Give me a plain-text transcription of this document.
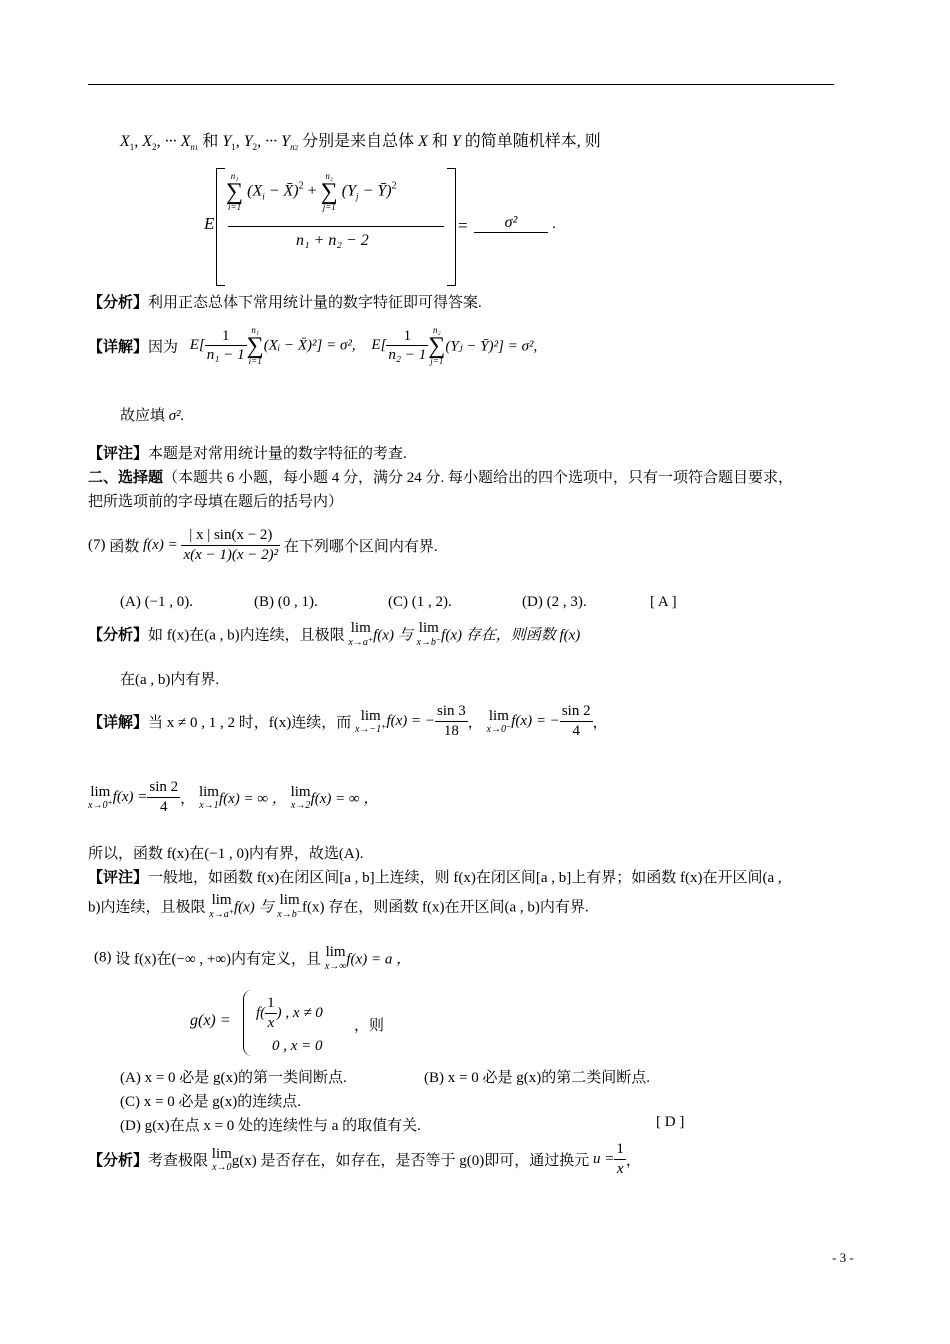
$X_1$, $X_2$, ··· $X_{n1}$ 和 $Y_1$, $Y_2$, ··· $Y_{n2}$ 分别是来自总体 X 和 Y 的简单随机样本, 则
E
n₁
∑
i=1
($X_i$ − X̄)$^2$ +
n₂
∑
j=1
($Y_j$ − Ȳ)$^2$
n₁ + n₂ − 2
=	σ²	.
【分析】利用正态总体下常用统计量的数字特征即可得答案.
【详解】因为 $E[ \frac{1}{\text{n₁ − 1}} n_1$
∑
i=1
(Xᵢ − X̄)²] = σ², $E[ \frac{1}{\text{n₂ − 1}} n_2$
∑
j=1
(Yⱼ − Ȳ)²] = σ²,
故应填 σ².
【评注】本题是对常用统计量的数字特征的考查.
二、选择题（本题共 6 小题，每小题 4 分，满分 24 分. 每小题给出的四个选项中，只有一项符合题目要求，
把所选项前的字母填在题后的括号内）
(7) 函数 $f(x) = \frac{| x | \sin(x - 2)}{\text{x(x − 1)(x − 2)²}}$ 在下列哪个区间内有界.
(A) (−1 , 0).	(B) (0 , 1).	(C) (1 , 2).	(D) (2 , 3).	[ A ]
【分析】如 f(x)在(a , b)内连续，且极限 lim
x→a⁺ f(x) 与 lim
x→b⁻ f(x) 存在，则函数 f(x)
在(a , b)内有界.
【详解】当 x ≠ 0 , 1 , 2 时，f(x)连续，而 lim
x→−1⁺
f(x) = − $\frac{\sin 3}{18}$ ， lim
x→0⁻
f(x) = − $\frac{\sin 2}{4}$ ，
lim
x→0⁺
$f(x) = \frac{\sin 2}{4}$ ， lim
x→1 f(x) = ∞ ， lim
x→2 f(x) = ∞ ，
所以，函数 f(x)在(−1 , 0)内有界，故选(A).
【评注】一般地，如函数 f(x)在闭区间[a , b]上连续，则 f(x)在闭区间[a , b]上有界；如函数 f(x)在开区间(a ,
b)内连续，且极限 lim
x→a⁺ f(x) 与 lim
x→b⁻ f(x) 存在，则函数 f(x)在开区间(a , b)内有界.
(8) 设 f(x)在(−∞ , +∞)内有定义，且 lim
x→∞ f(x) = a ，
$g(x) = f( \frac{1}{x}$ ) , x ≠ 0
0 , x = 0
，则
(A) x = 0 必是 g(x)的第一类间断点.	(B) x = 0 必是 g(x)的第二类间断点.
(C) x = 0 必是 g(x)的连续点.
(D) g(x)在点 x = 0 处的连续性与 a 的取值有关.	[ D ]
【分析】考查极限 lim
x→0 g(x) 是否存在，如存在，是否等于 g(0)即可，通过换元 $u = \frac{1}{x}$ ，
- 3 -
